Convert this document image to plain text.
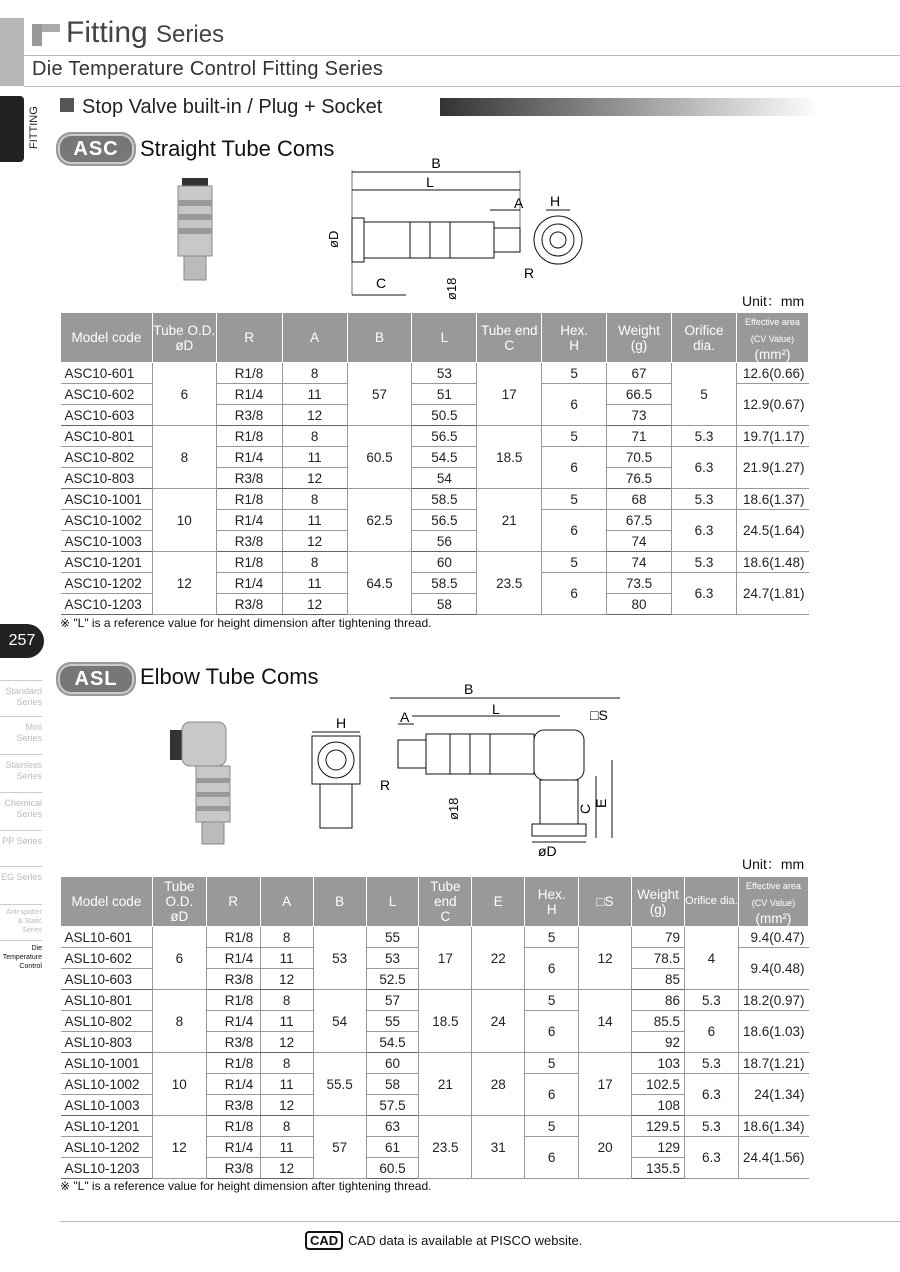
Fitting Series
Die Temperature Control Fitting Series
FITTING	Stop Valve built-in / Plug + Socket
ASC Straight Tube Coms
B
L
A
øD
C	ø18
R
H
Unit：mm
Model code	Tube O.D.
øD	R	A	B	L	Tube end
C	Hex.
H	Weight
(g)	Orifice
dia.	Effective area (CV Value)
(mm²)
ASC10-601	6	R1/8	8	57	53	17	5	67	5	12.6(0.66)
ASC10-602		R1/4	11		51		6	66.5		12.9(0.67)
ASC10-603		R3/8	12		50.5			73		
ASC10-801	8	R1/8	8	60.5	56.5	18.5	5	71	5.3	19.7(1.17)
ASC10-802		R1/4	11		54.5		6	70.5	6.3	21.9(1.27)
ASC10-803		R3/8	12		54			76.5		
ASC10-1001	10	R1/8	8	62.5	58.5	21	5	68	5.3	18.6(1.37)
ASC10-1002		R1/4	11		56.5		6	67.5	6.3	24.5(1.64)
ASC10-1003		R3/8	12		56			74		
ASC10-1201	12	R1/8	8	64.5	60	23.5	5	74	5.3	18.6(1.48)
ASC10-1202		R1/4	11		58.5		6	73.5	6.3	24.7(1.81)
ASC10-1203		R3/8	12		58			80		
※ "L" is a reference value for height dimension after tightening thread.
257
Standard Series
Mini Series
Stainless Series
Chemical Series
PP Series
EG Series
Anti-spatter & Static Series
Die Temperature Control
ASL	Elbow Tube Coms
H
B
L
A	□S
R
ø18	C
E
øD
Unit：mm
Model code	Tube O.D.
øD	R	A	B	L	Tube end
C	E	Hex.
H	□S	Weight
(g)	Orifice dia.	Effective area (CV Value)
(mm²)
ASL10-601	6	R1/8	8	53	55	17	22	5	12	79	4	9.4(0.47)
ASL10-602		R1/4	11		53			6		78.5		9.4(0.48)
ASL10-603		R3/8	12		52.5					85		
ASL10-801	8	R1/8	8	54	57	18.5	24	5	14	86	5.3	18.2(0.97)
ASL10-802		R1/4	11		55			6		85.5	6	18.6(1.03)
ASL10-803		R3/8	12		54.5					92		
ASL10-1001	10	R1/8	8	55.5	60	21	28	5	17	103	5.3	18.7(1.21)
ASL10-1002		R1/4	11		58			6		102.5	6.3	24(1.34)
ASL10-1003		R3/8	12		57.5					108		
ASL10-1201	12	R1/8	8	57	63	23.5	31	5	20	129.5	5.3	18.6(1.34)
ASL10-1202		R1/4	11		61			6		129	6.3	24.4(1.56)
ASL10-1203		R3/8	12		60.5					135.5		
※ "L" is a reference value for height dimension after tightening thread.
CAD CAD data is available at PISCO website.
